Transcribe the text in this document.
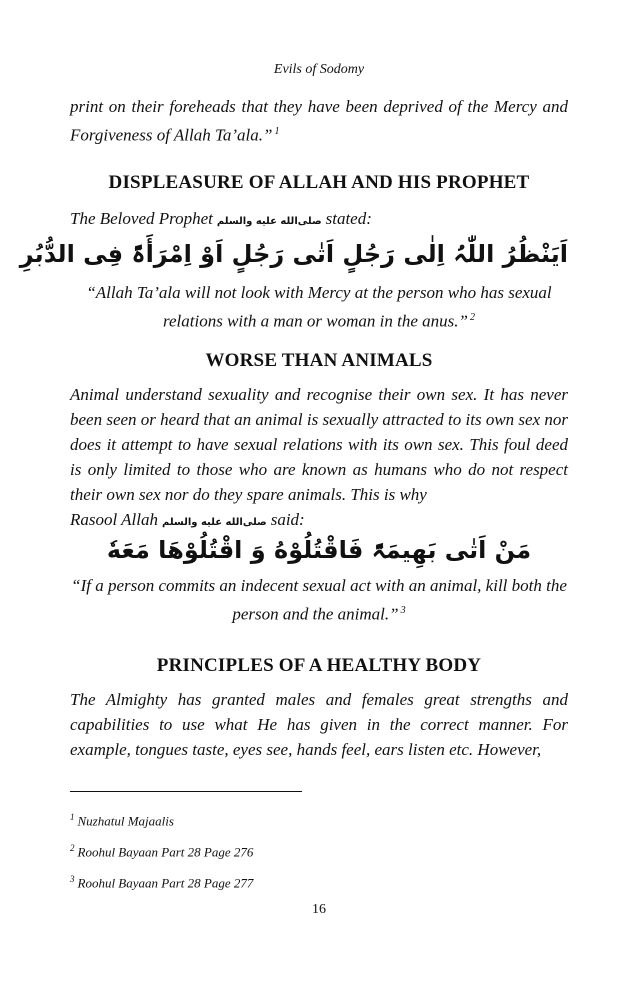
Evils of Sodomy

print on their foreheads that they have been deprived of the Mercy and Forgiveness of Allah Ta’ala.” $^1$

DISPLEASURE OF ALLAH AND HIS PROPHET

The Beloved Prophet صلی‌الله علیه والسلم stated:

اَیَنْظُرُ اللّٰہُ اِلٰی رَجُلٍ اَتٰی رَجُلٍ اَوْ اِمْرَأَۃً فِی الدُّبُرِ
“Allah Ta’ala will not look with Mercy at the person who has sexual relations with a man or woman in the anus.” $^2$
WORSE THAN ANIMALS

Animal understand sexuality and recognise their own sex. It has never been seen or heard that an animal is sexually attracted to its own sex nor does it attempt to have sexual relations with its own sex. This foul deed is only limited to those who are known as humans who do not respect their own sex nor do they spare animals. This is why

Rasool Allah صلی‌الله علیه والسلم said:

مَنْ اَتٰی بَهِیمَۃً فَاقْتُلُوْهُ وَ اقْتُلُوْهَا مَعَهٗ
“If a person commits an indecent sexual act with an animal, kill both the person and the animal.” $^3$
PRINCIPLES OF A HEALTHY BODY

The Almighty has granted males and females great strengths and capabilities to use what He has given in the correct manner. For example, tongues taste, eyes see, hands feel, ears listen etc. However,

$^1$ Nuzhatul Majaalis
$^2$ Roohul Bayaan Part 28 Page 276
$^3$ Roohul Bayaan Part 28 Page 277
16
